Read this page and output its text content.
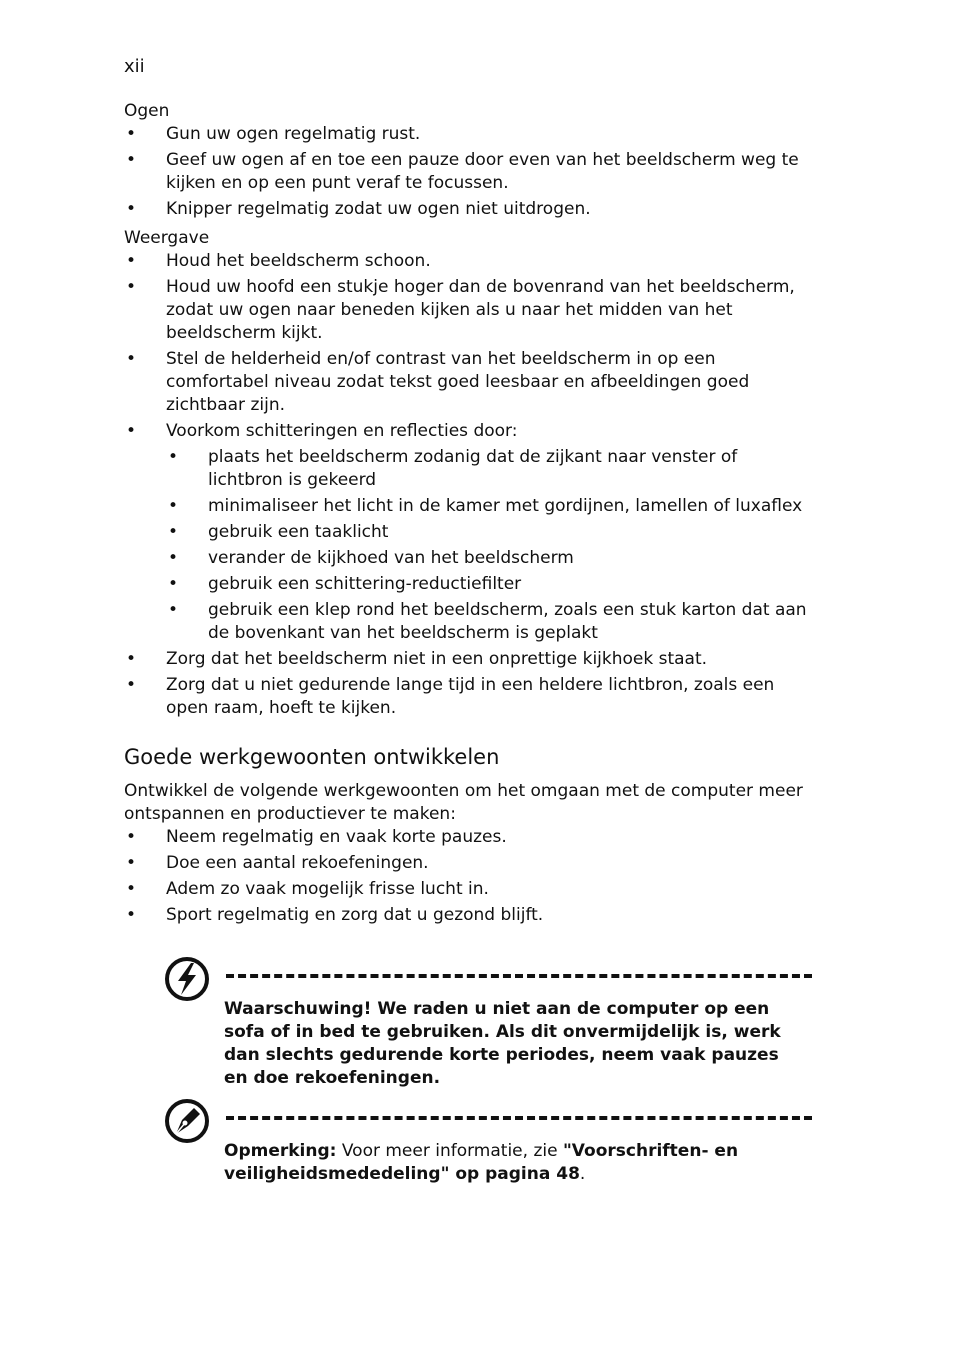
xii

Ogen

• Gun uw ogen regelmatig rust.
• Geef uw ogen af en toe een pauze door even van het beeldscherm weg te kijken en op een punt veraf te focussen.
• Knipper regelmatig zodat uw ogen niet uitdrogen.

Weergave

• Houd het beeldscherm schoon.
• Houd uw hoofd een stukje hoger dan de bovenrand van het beeldscherm, zodat uw ogen naar beneden kijken als u naar het midden van het beeldscherm kijkt.
• Stel de helderheid en/of contrast van het beeldscherm in op een comfortabel niveau zodat tekst goed leesbaar en afbeeldingen goed zichtbaar zijn.
• Voorkom schitteringen en reflecties door:
• plaats het beeldscherm zodanig dat de zijkant naar venster of lichtbron is gekeerd
• minimaliseer het licht in de kamer met gordijnen, lamellen of luxaflex
• gebruik een taaklicht
• verander de kijkhoed van het beeldscherm
• gebruik een schittering-reductiefilter
• gebruik een klep rond het beeldscherm, zoals een stuk karton dat aan de bovenkant van het beeldscherm is geplakt
• Zorg dat het beeldscherm niet in een onprettige kijkhoek staat.
• Zorg dat u niet gedurende lange tijd in een heldere lichtbron, zoals een open raam, hoeft te kijken.
Goede werkgewoonten ontwikkelen

Ontwikkel de volgende werkgewoonten om het omgaan met de computer meer ontspannen en productiever te maken:

• Neem regelmatig en vaak korte pauzes.
• Doe een aantal rekoefeningen.
• Adem zo vaak mogelijk frisse lucht in.
• Sport regelmatig en zorg dat u gezond blijft.
Waarschuwing! We raden u niet aan de computer op een sofa of in bed te gebruiken. Als dit onvermijdelijk is, werk dan slechts gedurende korte periodes, neem vaak pauzes en doe rekoefeningen.
Opmerking: Voor meer informatie, zie "Voorschriften- en veiligheidsmededeling" op pagina 48.
